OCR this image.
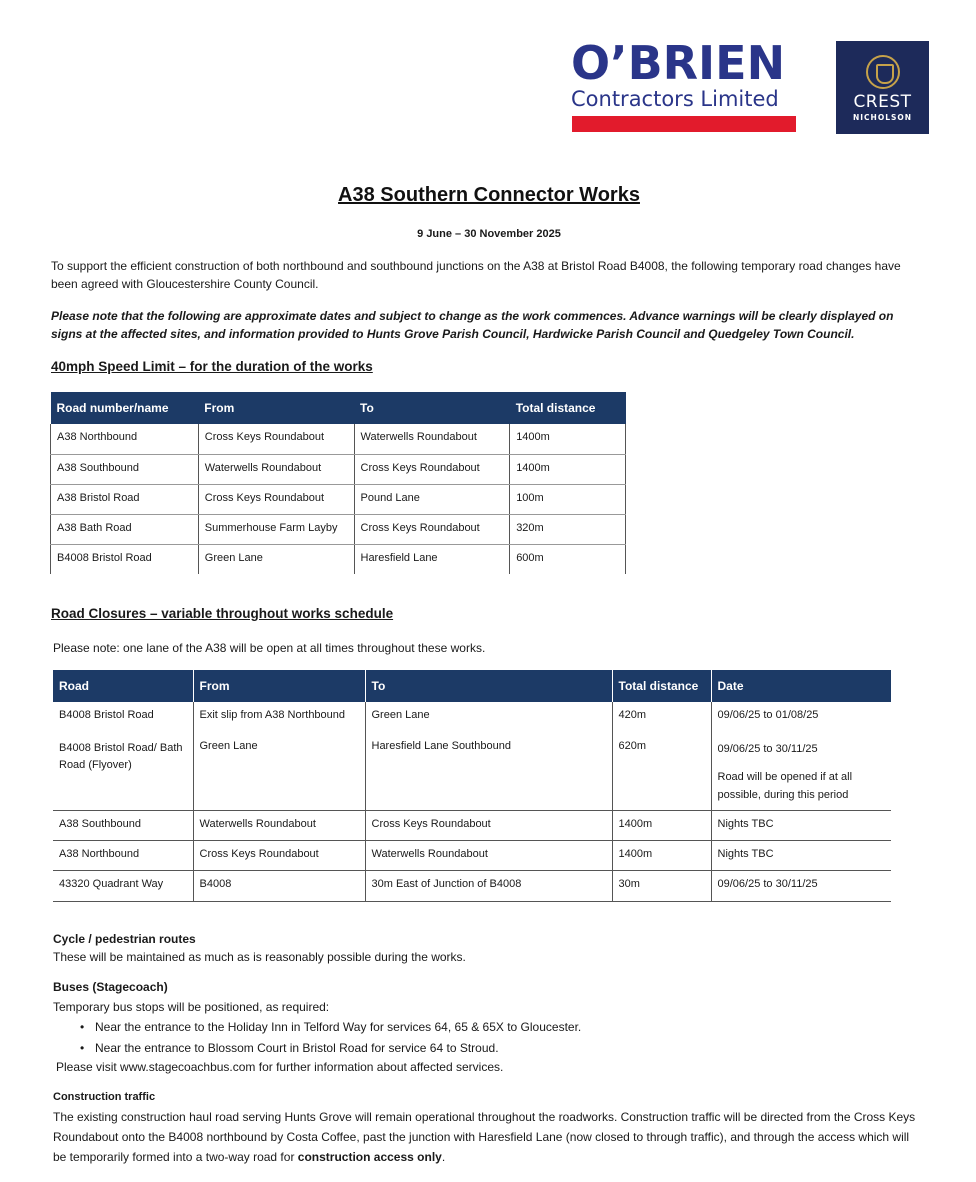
O’BRIEN
Contractors Limited	CREST
NICHOLSON
A38 Southern Connector Works
9 June – 30 November 2025
To support the efficient construction of both northbound and southbound junctions on the A38 at Bristol Road B4008, the following temporary road changes have been agreed with Gloucestershire County Council.
Please note that the following are approximate dates and subject to change as the work commences. Advance warnings will be clearly displayed on signs at the affected sites, and information provided to Hunts Grove Parish Council, Hardwicke Parish Council and Quedgeley Town Council.
40mph Speed Limit – for the duration of the works
Road number/name	From	To	Total distance
A38 Northbound	Cross Keys Roundabout	Waterwells Roundabout	1400m
A38 Southbound	Waterwells Roundabout	Cross Keys Roundabout	1400m
A38 Bristol Road	Cross Keys Roundabout	Pound Lane	100m
A38 Bath Road	Summerhouse Farm Layby	Cross Keys Roundabout	320m
B4008 Bristol Road	Green Lane	Haresfield Lane	600m
Road Closures – variable throughout works schedule
Please note: one lane of the A38 will be open at all times throughout these works.
Road	From	To	Total distance	Date
B4008 Bristol Road	Exit slip from A38 Northbound	Green Lane	420m	09/06/25 to 01/08/25
B4008 Bristol Road/ Bath Road (Flyover)	Green Lane	Haresfield Lane Southbound	620m	09/06/25 to 30/11/25
Road will be opened if at all possible, during this period

A38 Southbound	Waterwells Roundabout	Cross Keys Roundabout	1400m	Nights TBC
A38 Northbound	Cross Keys Roundabout	Waterwells Roundabout	1400m	Nights TBC
43320 Quadrant Way	B4008	30m East of Junction of B4008	30m	09/06/25 to 30/11/25
Cycle / pedestrian routes
These will be maintained as much as is reasonably possible during the works.
Buses (Stagecoach)
Temporary bus stops will be positioned, as required:
• Near the entrance to the Holiday Inn in Telford Way for services 64, 65 & 65X to Gloucester.
• Near the entrance to Blossom Court in Bristol Road for service 64 to Stroud.
Please visit www.stagecoachbus.com for further information about affected services.
Construction traffic
The existing construction haul road serving Hunts Grove will remain operational throughout the roadworks. Construction traffic will be directed from the Cross Keys Roundabout onto the B4008 northbound by Costa Coffee, past the junction with Haresfield Lane (now closed to through traffic), and through the access which will be temporarily formed into a two-way road for construction access only.
